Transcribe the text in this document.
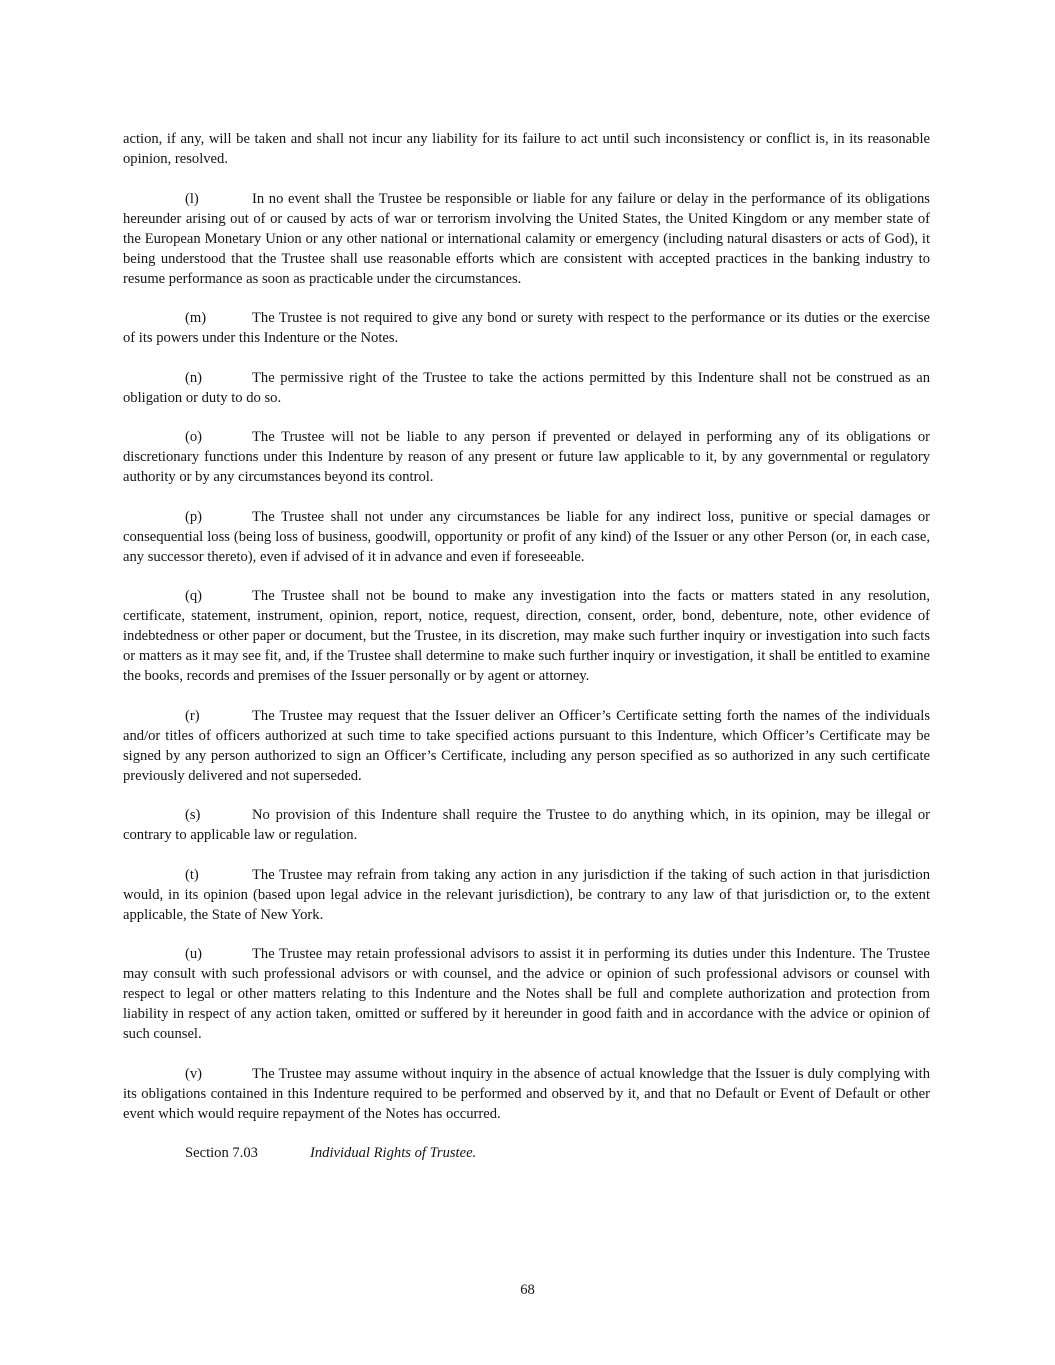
action, if any, will be taken and shall not incur any liability for its failure to act until such inconsistency or conflict is, in its reasonable opinion, resolved.

(l)	In no event shall the Trustee be responsible or liable for any failure or delay in the performance of its obligations hereunder arising out of or caused by acts of war or terrorism involving the United States, the United Kingdom or any member state of the European Monetary Union or any other national or international calamity or emergency (including natural disasters or acts of God), it being understood that the Trustee shall use reasonable efforts which are consistent with accepted practices in the banking industry to resume performance as soon as practicable under the circumstances.

(m)	The Trustee is not required to give any bond or surety with respect to the performance or its duties or the exercise of its powers under this Indenture or the Notes.

(n)	The permissive right of the Trustee to take the actions permitted by this Indenture shall not be construed as an obligation or duty to do so.

(o)	The Trustee will not be liable to any person if prevented or delayed in performing any of its obligations or discretionary functions under this Indenture by reason of any present or future law applicable to it, by any governmental or regulatory authority or by any circumstances beyond its control.

(p)	The Trustee shall not under any circumstances be liable for any indirect loss, punitive or special damages or consequential loss (being loss of business, goodwill, opportunity or profit of any kind) of the Issuer or any other Person (or, in each case, any successor thereto), even if advised of it in advance and even if foreseeable.

(q)	The Trustee shall not be bound to make any investigation into the facts or matters stated in any resolution, certificate, statement, instrument, opinion, report, notice, request, direction, consent, order, bond, debenture, note, other evidence of indebtedness or other paper or document, but the Trustee, in its discretion, may make such further inquiry or investigation into such facts or matters as it may see fit, and, if the Trustee shall determine to make such further inquiry or investigation, it shall be entitled to examine the books, records and premises of the Issuer personally or by agent or attorney.

(r)	The Trustee may request that the Issuer deliver an Officer’s Certificate setting forth the names of the individuals and/or titles of officers authorized at such time to take specified actions pursuant to this Indenture, which Officer’s Certificate may be signed by any person authorized to sign an Officer’s Certificate, including any person specified as so authorized in any such certificate previously delivered and not superseded.

(s)	No provision of this Indenture shall require the Trustee to do anything which, in its opinion, may be illegal or contrary to applicable law or regulation.

(t)	The Trustee may refrain from taking any action in any jurisdiction if the taking of such action in that jurisdiction would, in its opinion (based upon legal advice in the relevant jurisdiction), be contrary to any law of that jurisdiction or, to the extent applicable, the State of New York.

(u)	The Trustee may retain professional advisors to assist it in performing its duties under this Indenture. The Trustee may consult with such professional advisors or with counsel, and the advice or opinion of such professional advisors or counsel with respect to legal or other matters relating to this Indenture and the Notes shall be full and complete authorization and protection from liability in respect of any action taken, omitted or suffered by it hereunder in good faith and in accordance with the advice or opinion of such counsel.

(v)	The Trustee may assume without inquiry in the absence of actual knowledge that the Issuer is duly complying with its obligations contained in this Indenture required to be performed and observed by it, and that no Default or Event of Default or other event which would require repayment of the Notes has occurred.

Section 7.03	Individual Rights of Trustee.

68
